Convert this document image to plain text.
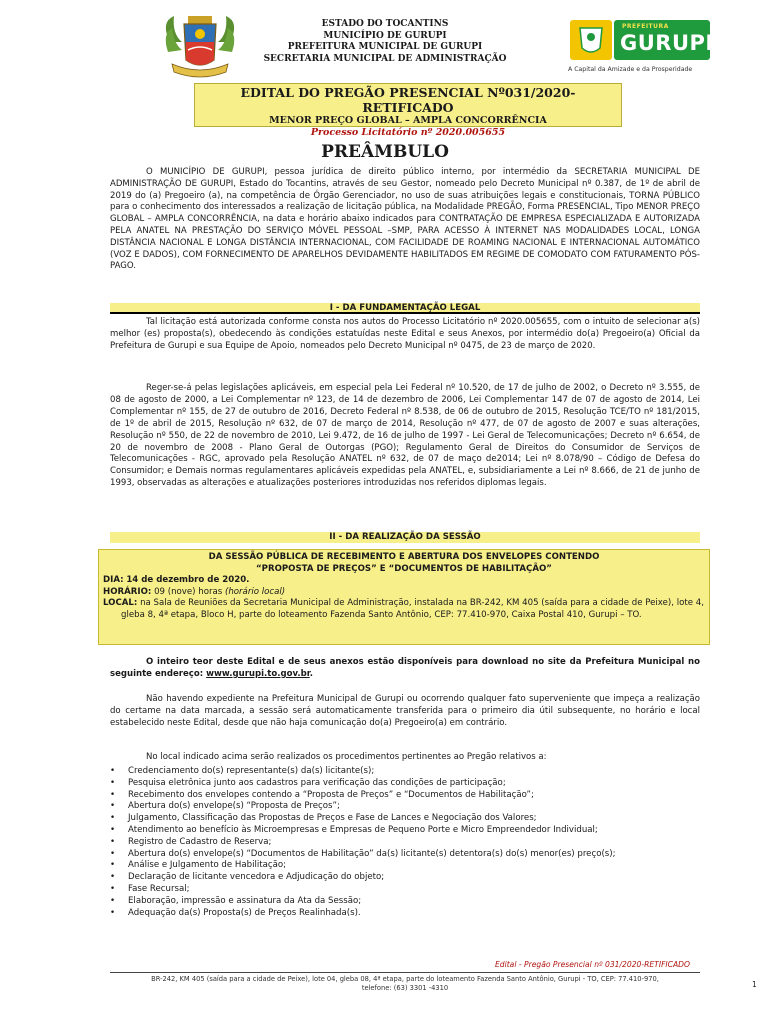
ESTADO DO TOCANTINS
MUNICÍPIO DE GURUPI
PREFEITURA MUNICIPAL DE GURUPI
SECRETARIA MUNICIPAL DE ADMINISTRAÇÃO
PREFEITURA
GURUPI
A Capital da Amizade e da Prosperidade
EDITAL DO PREGÃO PRESENCIAL Nº031/2020-RETIFICADO
MENOR PREÇO GLOBAL – AMPLA CONCORRÊNCIA
Processo Licitatório nº 2020.005655
PREÂMBULO
O MUNICÍPIO DE GURUPI, pessoa jurídica de direito público interno, por intermédio da SECRETARIA MUNICIPAL DE ADMINISTRAÇÃO DE GURUPI, Estado do Tocantins, através de seu Gestor, nomeado pelo Decreto Municipal nº 0.387, de 1º de abril de 2019 do (a) Pregoeiro (a), na competência de Órgão Gerenciador, no uso de suas atribuições legais e constitucionais, TORNA PÚBLICO para o conhecimento dos interessados a realização de licitação pública, na Modalidade PREGÃO, Forma PRESENCIAL, Tipo MENOR PREÇO GLOBAL – AMPLA CONCORRÊNCIA, na data e horário abaixo indicados para CONTRATAÇÃO DE EMPRESA ESPECIALIZADA E AUTORIZADA PELA ANATEL NA PRESTAÇÃO DO SERVIÇO MÓVEL PESSOAL –SMP, PARA ACESSO À INTERNET NAS MODALIDADES LOCAL, LONGA DISTÂNCIA NACIONAL E LONGA DISTÂNCIA INTERNACIONAL, COM FACILIDADE DE ROAMING NACIONAL E INTERNACIONAL AUTOMÁTICO (VOZ E DADOS), COM FORNECIMENTO DE APARELHOS DEVIDAMENTE HABILITADOS EM REGIME DE COMODATO COM FATURAMENTO PÓS-PAGO.
I - DA FUNDAMENTAÇÃO LEGAL
Tal licitação está autorizada conforme consta nos autos do Processo Licitatório nº 2020.005655, com o intuito de selecionar a(s) melhor (es) proposta(s), obedecendo às condições estatuídas neste Edital e seus Anexos, por intermédio do(a) Pregoeiro(a) Oficial da Prefeitura de Gurupi e sua Equipe de Apoio, nomeados pelo Decreto Municipal nº 0475, de 23 de março de 2020.
Reger-se-á pelas legislações aplicáveis, em especial pela Lei Federal nº 10.520, de 17 de julho de 2002, o Decreto nº 3.555, de 08 de agosto de 2000, a Lei Complementar nº 123, de 14 de dezembro de 2006, Lei Complementar 147 de 07 de agosto de 2014, Lei Complementar nº 155, de 27 de outubro de 2016, Decreto Federal nº 8.538, de 06 de outubro de 2015, Resolução TCE/TO nº 181/2015, de 1º de abril de 2015, Resolução nº 632, de 07 de março de 2014, Resolução nº 477, de 07 de agosto de 2007 e suas alterações, Resolução nº 550, de 22 de novembro de 2010, Lei 9.472, de 16 de julho de 1997 - Lei Geral de Telecomunicações; Decreto nº 6.654, de 20 de novembro de 2008 - Plano Geral de Outorgas (PGO); Regulamento Geral de Direitos do Consumidor de Serviços de Telecomunicações - RGC, aprovado pela Resolução ANATEL nº 632, de 07 de maço de2014; Lei nº 8.078/90 – Código de Defesa do Consumidor; e Demais normas regulamentares aplicáveis expedidas pela ANATEL, e, subsidiariamente a Lei nº 8.666, de 21 de junho de 1993, observadas as alterações e atualizações posteriores introduzidas nos referidos diplomas legais.
II - DA REALIZAÇÃO DA SESSÃO
DA SESSÃO PÚBLICA DE RECEBIMENTO E ABERTURA DOS ENVELOPES CONTENDO
“PROPOSTA DE PREÇOS” E “DOCUMENTOS DE HABILITAÇÃO”
DIA: 14 de dezembro de 2020.
HORÁRIO: 09 (nove) horas (horário local)
LOCAL: na Sala de Reuniões da Secretaria Municipal de Administração, instalada na BR-242, KM 405 (saída para a cidade de Peixe), lote 4, gleba 8, 4ª etapa, Bloco H, parte do loteamento Fazenda Santo Antônio, CEP: 77.410-970, Caixa Postal 410, Gurupi – TO.
O inteiro teor deste Edital e de seus anexos estão disponíveis para download no site da Prefeitura Municipal no seguinte endereço: www.gurupi.to.gov.br.
Não havendo expediente na Prefeitura Municipal de Gurupi ou ocorrendo qualquer fato superveniente que impeça a realização do certame na data marcada, a sessão será automaticamente transferida para o primeiro dia útil subsequente, no horário e local estabelecido neste Edital, desde que não haja comunicação do(a) Pregoeiro(a) em contrário.
No local indicado acima serão realizados os procedimentos pertinentes ao Pregão relativos a:
• Credenciamento do(s) representante(s) da(s) licitante(s);
• Pesquisa eletrônica junto aos cadastros para verificação das condições de participação;
• Recebimento dos envelopes contendo a “Proposta de Preços” e “Documentos de Habilitação”;
• Abertura do(s) envelope(s) “Proposta de Preços”;
• Julgamento, Classificação das Propostas de Preços e Fase de Lances e Negociação dos Valores;
• Atendimento ao benefício às Microempresas e Empresas de Pequeno Porte e Micro Empreendedor Individual;
• Registro de Cadastro de Reserva;
• Abertura do(s) envelope(s) “Documentos de Habilitação” da(s) licitante(s) detentora(s) do(s) menor(es) preço(s);
• Análise e Julgamento de Habilitação;
• Declaração de licitante vencedora e Adjudicação do objeto;
• Fase Recursal;
• Elaboração, impressão e assinatura da Ata da Sessão;
• Adequação da(s) Proposta(s) de Preços Realinhada(s).
Edital - Pregão Presencial nº 031/2020-RETIFICADO
BR-242, KM 405 (saída para a cidade de Peixe), lote 04, gleba 08, 4ª etapa, parte do loteamento Fazenda Santo Antônio, Gurupi - TO, CEP: 77.410-970,
telefone: (63) 3301 -4310	1
